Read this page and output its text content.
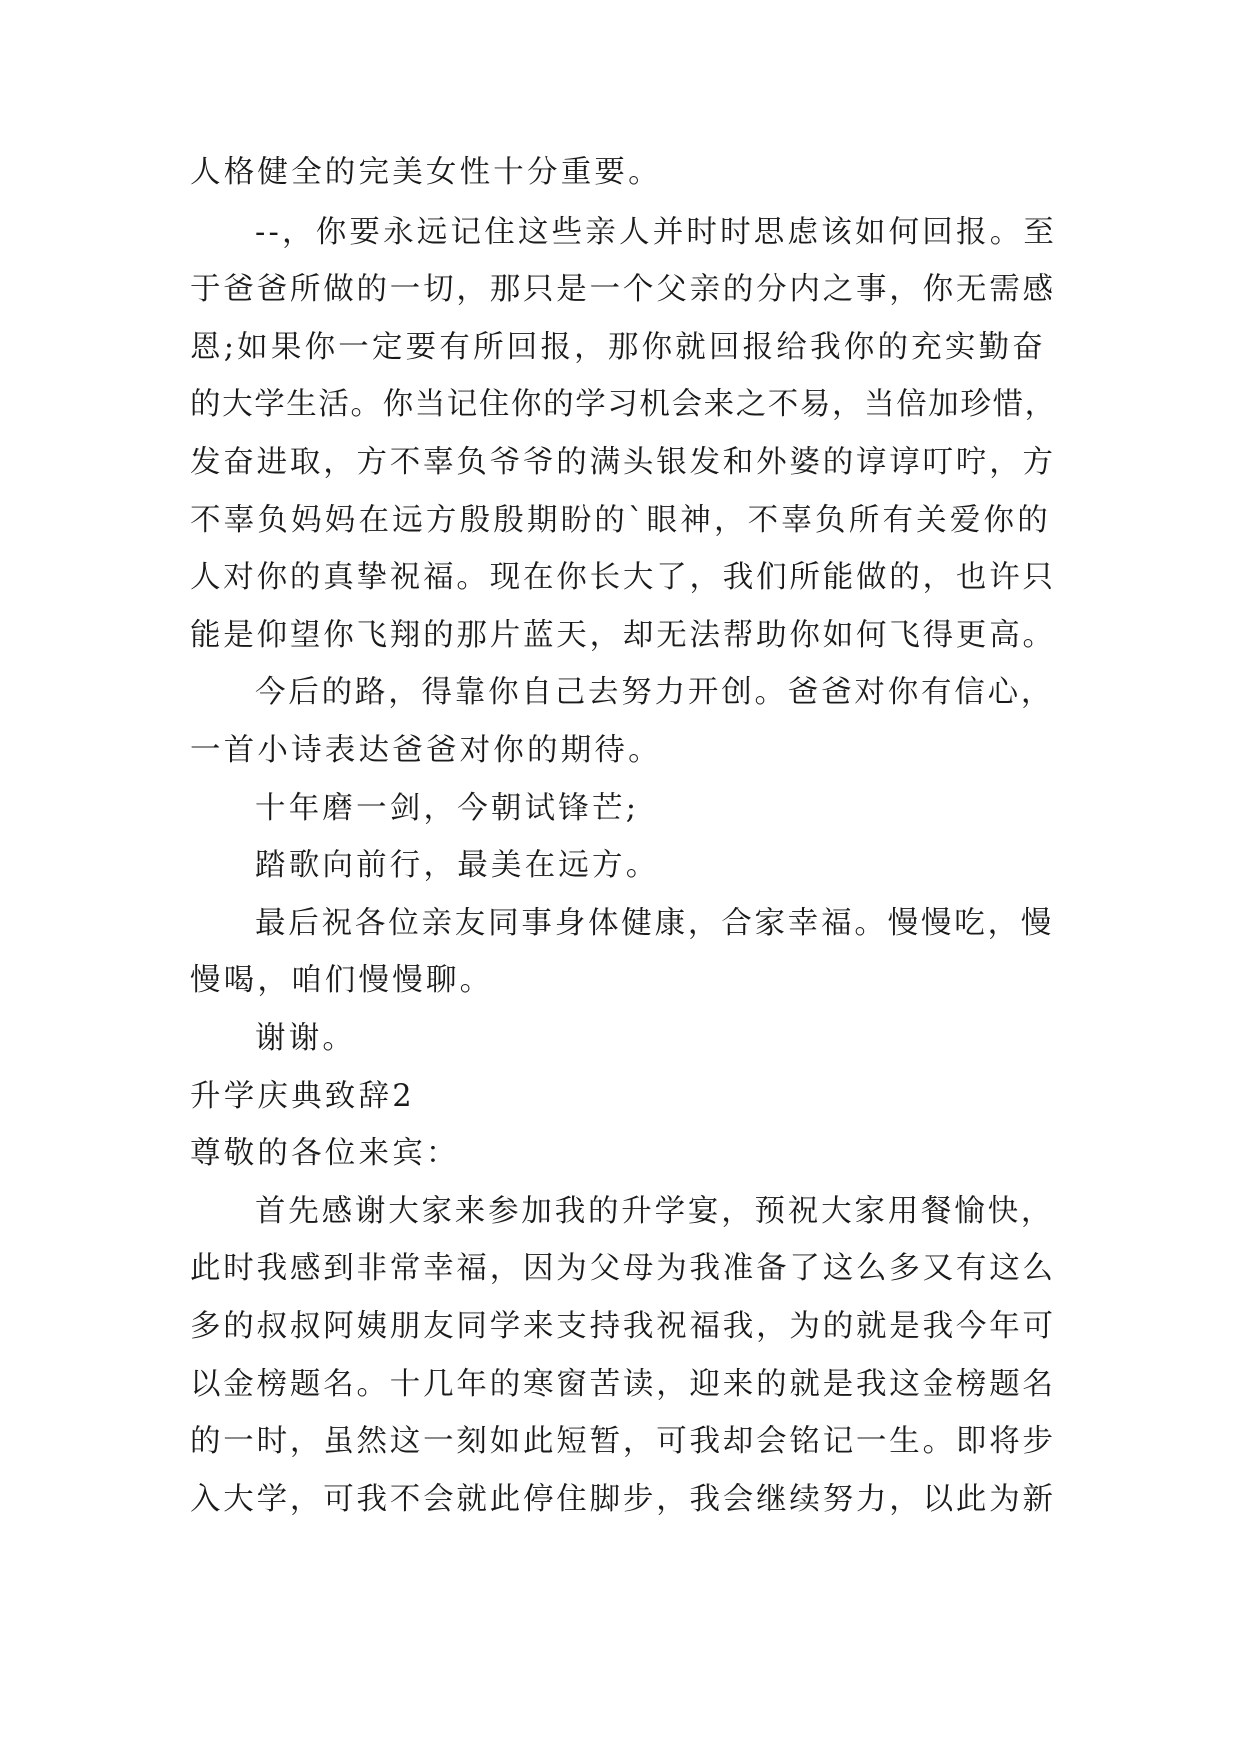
人格健全的完美女性十分重要。
--，你要永远记住这些亲人并时时思虑该如何回报。至
于爸爸所做的一切，那只是一个父亲的分内之事，你无需感
恩;如果你一定要有所回报，那你就回报给我你的充实勤奋
的大学生活。你当记住你的学习机会来之不易，当倍加珍惜，
发奋进取，方不辜负爷爷的满头银发和外婆的谆谆叮咛，方
不辜负妈妈在远方殷殷期盼的`眼神，不辜负所有关爱你的
人对你的真挚祝福。现在你长大了，我们所能做的，也许只
能是仰望你飞翔的那片蓝天，却无法帮助你如何飞得更高。
今后的路，得靠你自己去努力开创。爸爸对你有信心，
一首小诗表达爸爸对你的期待。
十年磨一剑，今朝试锋芒;
踏歌向前行，最美在远方。
最后祝各位亲友同事身体健康，合家幸福。慢慢吃，慢
慢喝，咱们慢慢聊。
谢谢。
升学庆典致辞2
尊敬的各位来宾：
首先感谢大家来参加我的升学宴，预祝大家用餐愉快，
此时我感到非常幸福，因为父母为我准备了这么多又有这么
多的叔叔阿姨朋友同学来支持我祝福我，为的就是我今年可
以金榜题名。十几年的寒窗苦读，迎来的就是我这金榜题名
的一时，虽然这一刻如此短暂，可我却会铭记一生。即将步
入大学，可我不会就此停住脚步，我会继续努力，以此为新
